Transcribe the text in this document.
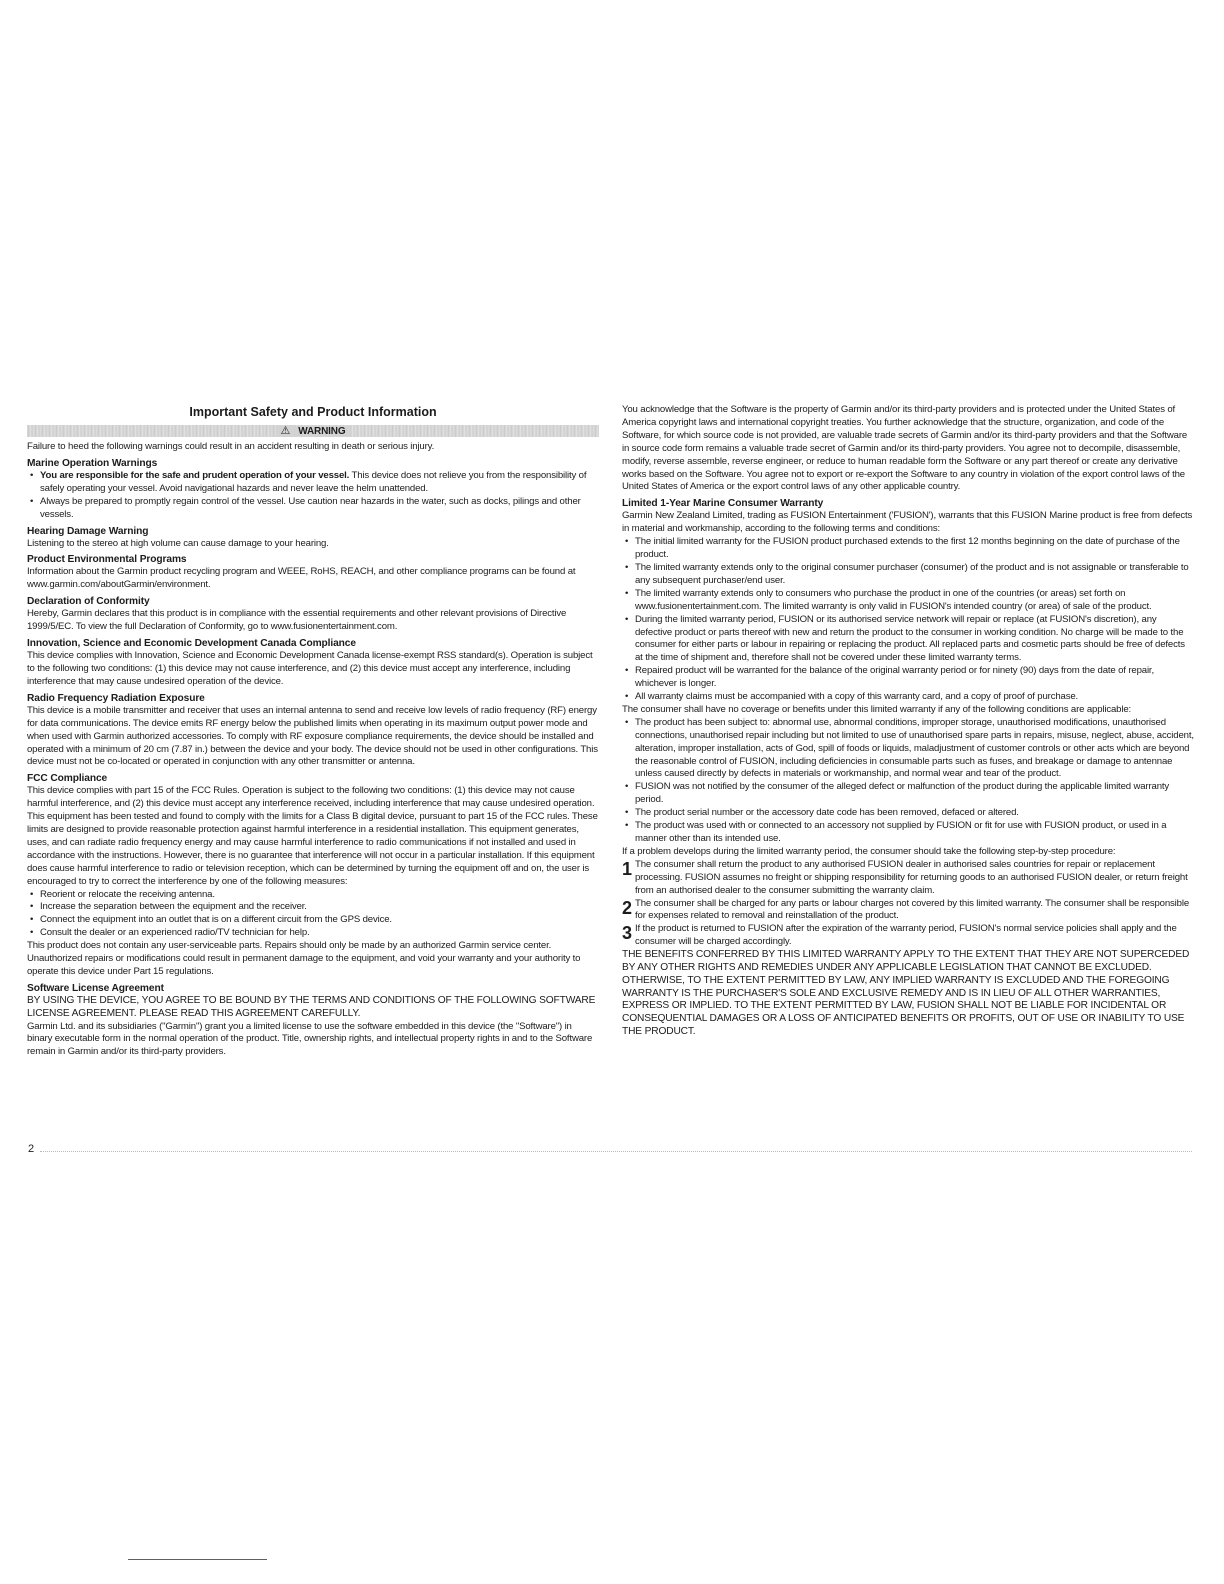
Important Safety and Product Information
⚠ WARNING

Failure to heed the following warnings could result in an accident resulting in death or serious injury.

Marine Operation Warnings
• You are responsible for the safe and prudent operation of your vessel. This device does not relieve you from the responsibility of safely operating your vessel. Avoid navigational hazards and never leave the helm unattended.
• Always be prepared to promptly regain control of the vessel. Use caution near hazards in the water, such as docks, pilings and other vessels.
Hearing Damage Warning

Listening to the stereo at high volume can cause damage to your hearing.

Product Environmental Programs

Information about the Garmin product recycling program and WEEE, RoHS, REACH, and other compliance programs can be found at www.garmin.com/aboutGarmin/environment.

Declaration of Conformity

Hereby, Garmin declares that this product is in compliance with the essential requirements and other relevant provisions of Directive 1999/5/EC. To view the full Declaration of Conformity, go to www.fusionentertainment.com.

Innovation, Science and Economic Development Canada Compliance

This device complies with Innovation, Science and Economic Development Canada license-exempt RSS standard(s). Operation is subject to the following two conditions: (1) this device may not cause interference, and (2) this device must accept any interference, including interference that may cause undesired operation of the device.

Radio Frequency Radiation Exposure

This device is a mobile transmitter and receiver that uses an internal antenna to send and receive low levels of radio frequency (RF) energy for data communications. The device emits RF energy below the published limits when operating in its maximum output power mode and when used with Garmin authorized accessories. To comply with RF exposure compliance requirements, the device should be installed and operated with a minimum of 20 cm (7.87 in.) between the device and your body. The device should not be used in other configurations. This device must not be co-located or operated in conjunction with any other transmitter or antenna.

FCC Compliance

This device complies with part 15 of the FCC Rules. Operation is subject to the following two conditions: (1) this device may not cause harmful interference, and (2) this device must accept any interference received, including interference that may cause undesired operation.

This equipment has been tested and found to comply with the limits for a Class B digital device, pursuant to part 15 of the FCC rules. These limits are designed to provide reasonable protection against harmful interference in a residential installation. This equipment generates, uses, and can radiate radio frequency energy and may cause harmful interference to radio communications if not installed and used in accordance with the instructions. However, there is no guarantee that interference will not occur in a particular installation. If this equipment does cause harmful interference to radio or television reception, which can be determined by turning the equipment off and on, the user is encouraged to try to correct the interference by one of the following measures:

• Reorient or relocate the receiving antenna.
• Increase the separation between the equipment and the receiver.
• Connect the equipment into an outlet that is on a different circuit from the GPS device.
• Consult the dealer or an experienced radio/TV technician for help.

This product does not contain any user-serviceable parts. Repairs should only be made by an authorized Garmin service center. Unauthorized repairs or modifications could result in permanent damage to the equipment, and void your warranty and your authority to operate this device under Part 15 regulations.

Software License Agreement

BY USING THE DEVICE, YOU AGREE TO BE BOUND BY THE TERMS AND CONDITIONS OF THE FOLLOWING SOFTWARE LICENSE AGREEMENT. PLEASE READ THIS AGREEMENT CAREFULLY.

Garmin Ltd. and its subsidiaries ("Garmin") grant you a limited license to use the software embedded in this device (the "Software") in binary executable form in the normal operation of the product. Title, ownership rights, and intellectual property rights in and to the Software remain in Garmin and/or its third-party providers.

You acknowledge that the Software is the property of Garmin and/or its third-party providers and is protected under the United States of America copyright laws and international copyright treaties. You further acknowledge that the structure, organization, and code of the Software, for which source code is not provided, are valuable trade secrets of Garmin and/or its third-party providers and that the Software in source code form remains a valuable trade secret of Garmin and/or its third-party providers. You agree not to decompile, disassemble, modify, reverse assemble, reverse engineer, or reduce to human readable form the Software or any part thereof or create any derivative works based on the Software. You agree not to export or re-export the Software to any country in violation of the export control laws of the United States of America or the export control laws of any other applicable country.

Limited 1-Year Marine Consumer Warranty

Garmin New Zealand Limited, trading as FUSION Entertainment ('FUSION'), warrants that this FUSION Marine product is free from defects in material and workmanship, according to the following terms and conditions:

• The initial limited warranty for the FUSION product purchased extends to the first 12 months beginning on the date of purchase of the product.
• The limited warranty extends only to the original consumer purchaser (consumer) of the product and is not assignable or transferable to any subsequent purchaser/end user.
• The limited warranty extends only to consumers who purchase the product in one of the countries (or areas) set forth on www.fusionentertainment.com. The limited warranty is only valid in FUSION's intended country (or area) of sale of the product.
• During the limited warranty period, FUSION or its authorised service network will repair or replace (at FUSION's discretion), any defective product or parts thereof with new and return the product to the consumer in working condition. No charge will be made to the consumer for either parts or labour in repairing or replacing the product. All replaced parts and cosmetic parts should be free of defects at the time of shipment and, therefore shall not be covered under these limited warranty terms.
• Repaired product will be warranted for the balance of the original warranty period or for ninety (90) days from the date of repair, whichever is longer.
• All warranty claims must be accompanied with a copy of this warranty card, and a copy of proof of purchase.

The consumer shall have no coverage or benefits under this limited warranty if any of the following conditions are applicable:

• The product has been subject to: abnormal use, abnormal conditions, improper storage, unauthorised modifications, unauthorised connections, unauthorised repair including but not limited to use of unauthorised spare parts in repairs, misuse, neglect, abuse, accident, alteration, improper installation, acts of God, spill of foods or liquids, maladjustment of customer controls or other acts which are beyond the reasonable control of FUSION, including deficiencies in consumable parts such as fuses, and breakage or damage to antennae unless caused directly by defects in materials or workmanship, and normal wear and tear of the product.
• FUSION was not notified by the consumer of the alleged defect or malfunction of the product during the applicable limited warranty period.
• The product serial number or the accessory date code has been removed, defaced or altered.
• The product was used with or connected to an accessory not supplied by FUSION or fit for use with FUSION product, or used in a manner other than its intended use.

If a problem develops during the limited warranty period, the consumer should take the following step-by-step procedure:

1 The consumer shall return the product to any authorised FUSION dealer in authorised sales countries for repair or replacement processing. FUSION assumes no freight or shipping responsibility for returning goods to an authorised FUSION dealer, or return freight from an authorised dealer to the consumer submitting the warranty claim.
2 The consumer shall be charged for any parts or labour charges not covered by this limited warranty. The consumer shall be responsible for expenses related to removal and reinstallation of the product.
3 If the product is returned to FUSION after the expiration of the warranty period, FUSION's normal service policies shall apply and the consumer will be charged accordingly.

THE BENEFITS CONFERRED BY THIS LIMITED WARRANTY APPLY TO THE EXTENT THAT THEY ARE NOT SUPERCEDED BY ANY OTHER RIGHTS AND REMEDIES UNDER ANY APPLICABLE LEGISLATION THAT CANNOT BE EXCLUDED. OTHERWISE, TO THE EXTENT PERMITTED BY LAW, ANY IMPLIED WARRANTY IS EXCLUDED AND THE FOREGOING WARRANTY IS THE PURCHASER'S SOLE AND EXCLUSIVE REMEDY AND IS IN LIEU OF ALL OTHER WARRANTIES, EXPRESS OR IMPLIED. TO THE EXTENT PERMITTED BY LAW, FUSION SHALL NOT BE LIABLE FOR INCIDENTAL OR CONSEQUENTIAL DAMAGES OR A LOSS OF ANTICIPATED BENEFITS OR PROFITS, OUT OF USE OR INABILITY TO USE THE PRODUCT.

2
